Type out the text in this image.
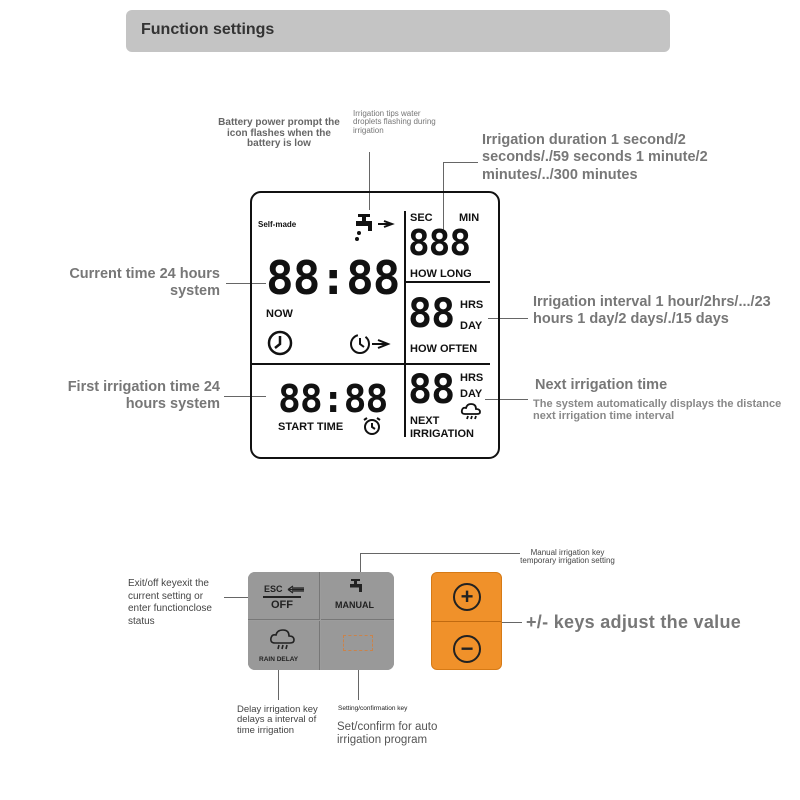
Function settings
Battery power prompt the icon flashes when the battery is low
Irrigation tips water droplets flashing during irrigation
Irrigation duration 1 second/2 seconds/./59 seconds 1 minute/2 minutes/../300 minutes
Current time 24 hours system
Irrigation interval 1 hour/2hrs/.../23 hours 1 day/2 days/./15 days
First irrigation time 24 hours system
Next irrigation time
The system automatically displays the distance next irrigation time interval
Self-made
SEC MIN
888
HOW LONG
88:88
NOW	88 HRS
DAY
HOW OFTEN
88:88
START TIME
88 HRS
DAY
NEXT
IRRIGATION
Exit/off keyexit the current setting or enter functionclose status
Manual irrigation key temporary irrigation setting
+/- keys adjust the value
Delay irrigation key delays a interval of time irrigation
Setting/confirmation key
Set/confirm for auto irrigation program
ESC
OFF	MANUAL
RAIN DELAY
+
−
